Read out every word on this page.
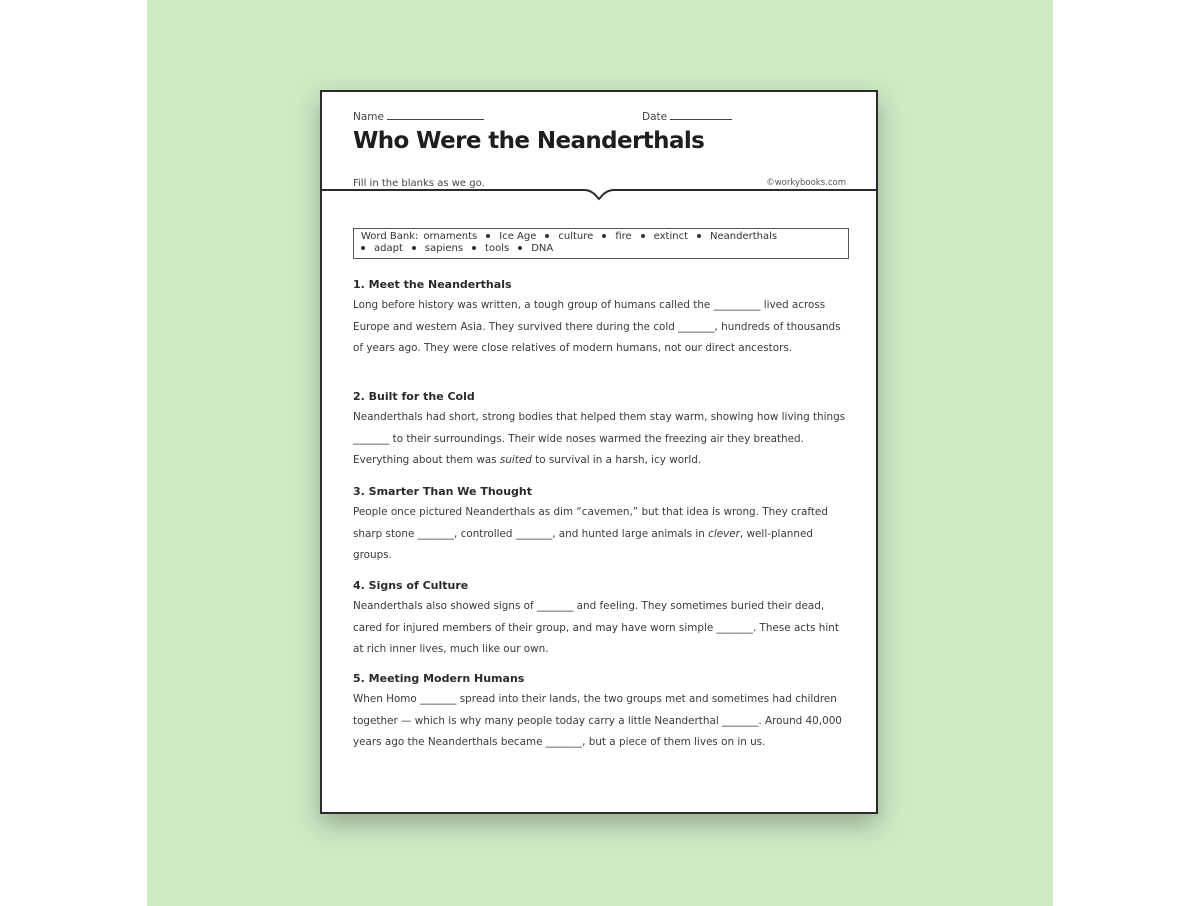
Name	Date
Who Were the Neanderthals
Fill in the blanks as we go.	©workybooks.com
Word Bank: ornaments Ice Age culture fire extinct Neanderthals
adapt sapiens tools DNA
1. Meet the Neanderthals

Long before history was written, a tough group of humans called the _________ lived across Europe and western Asia. They survived there during the cold _______, hundreds of thousands of years ago. They were close relatives of modern humans, not our direct ancestors.

2. Built for the Cold

Neanderthals had short, strong bodies that helped them stay warm, showing how living things _______ to their surroundings. Their wide noses warmed the freezing air they breathed. Everything about them was suited to survival in a harsh, icy world.

3. Smarter Than We Thought

People once pictured Neanderthals as dim “cavemen,” but that idea is wrong. They crafted sharp stone _______, controlled _______, and hunted large animals in clever, well-planned groups.

4. Signs of Culture

Neanderthals also showed signs of _______ and feeling. They sometimes buried their dead, cared for injured members of their group, and may have worn simple _______. These acts hint at rich inner lives, much like our own.

5. Meeting Modern Humans

When Homo _______ spread into their lands, the two groups met and sometimes had children together — which is why many people today carry a little Neanderthal _______. Around 40,000 years ago the Neanderthals became _______, but a piece of them lives on in us.
